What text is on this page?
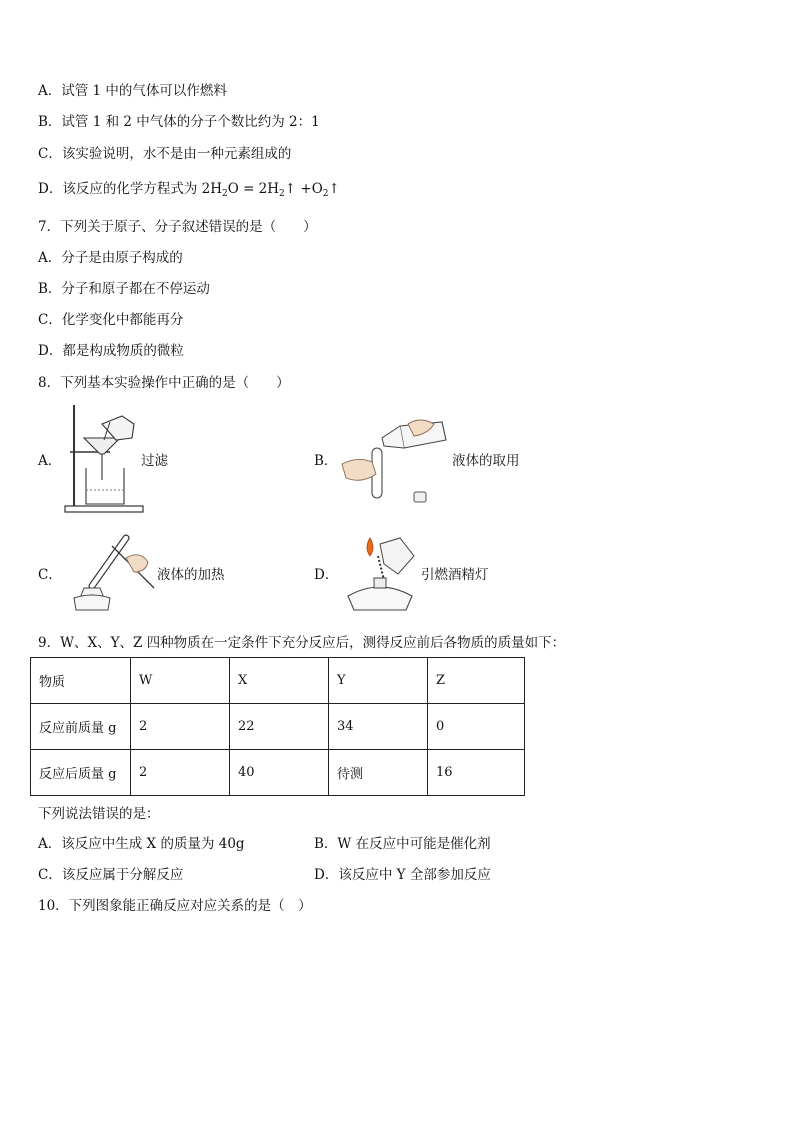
A．试管 1 中的气体可以作燃料
B．试管 1 和 2 中气体的分子个数比约为 2：1
C．该实验说明，水不是由一种元素组成的
D．该反应的化学方程式为 $2H_2O$ = $2H_2↑$ $+O_2↑$
7．下列关于原子、分子叙述错误的是（　　）
A．分子是由原子构成的
B．分子和原子都在不停运动
C．化学变化中都能再分
D．都是构成物质的微粒
8．下列基本实验操作中正确的是（　　）
A．	过滤	B．	液体的取用
C．	液体的加热	D．	引燃酒精灯
9．W、X、Y、Z 四种物质在一定条件下充分反应后，测得反应前后各物质的质量如下：
物质	W	X	Y	Z
反应前质量 g	2	22	34	0
反应后质量 g	2	40	待测	16
下列说法错误的是：
A．该反应中生成 X 的质量为 40g	B．W 在反应中可能是催化剂
C．该反应属于分解反应	D．该反应中 Y 全部参加反应
10．下列图象能正确反应对应关系的是（　）
